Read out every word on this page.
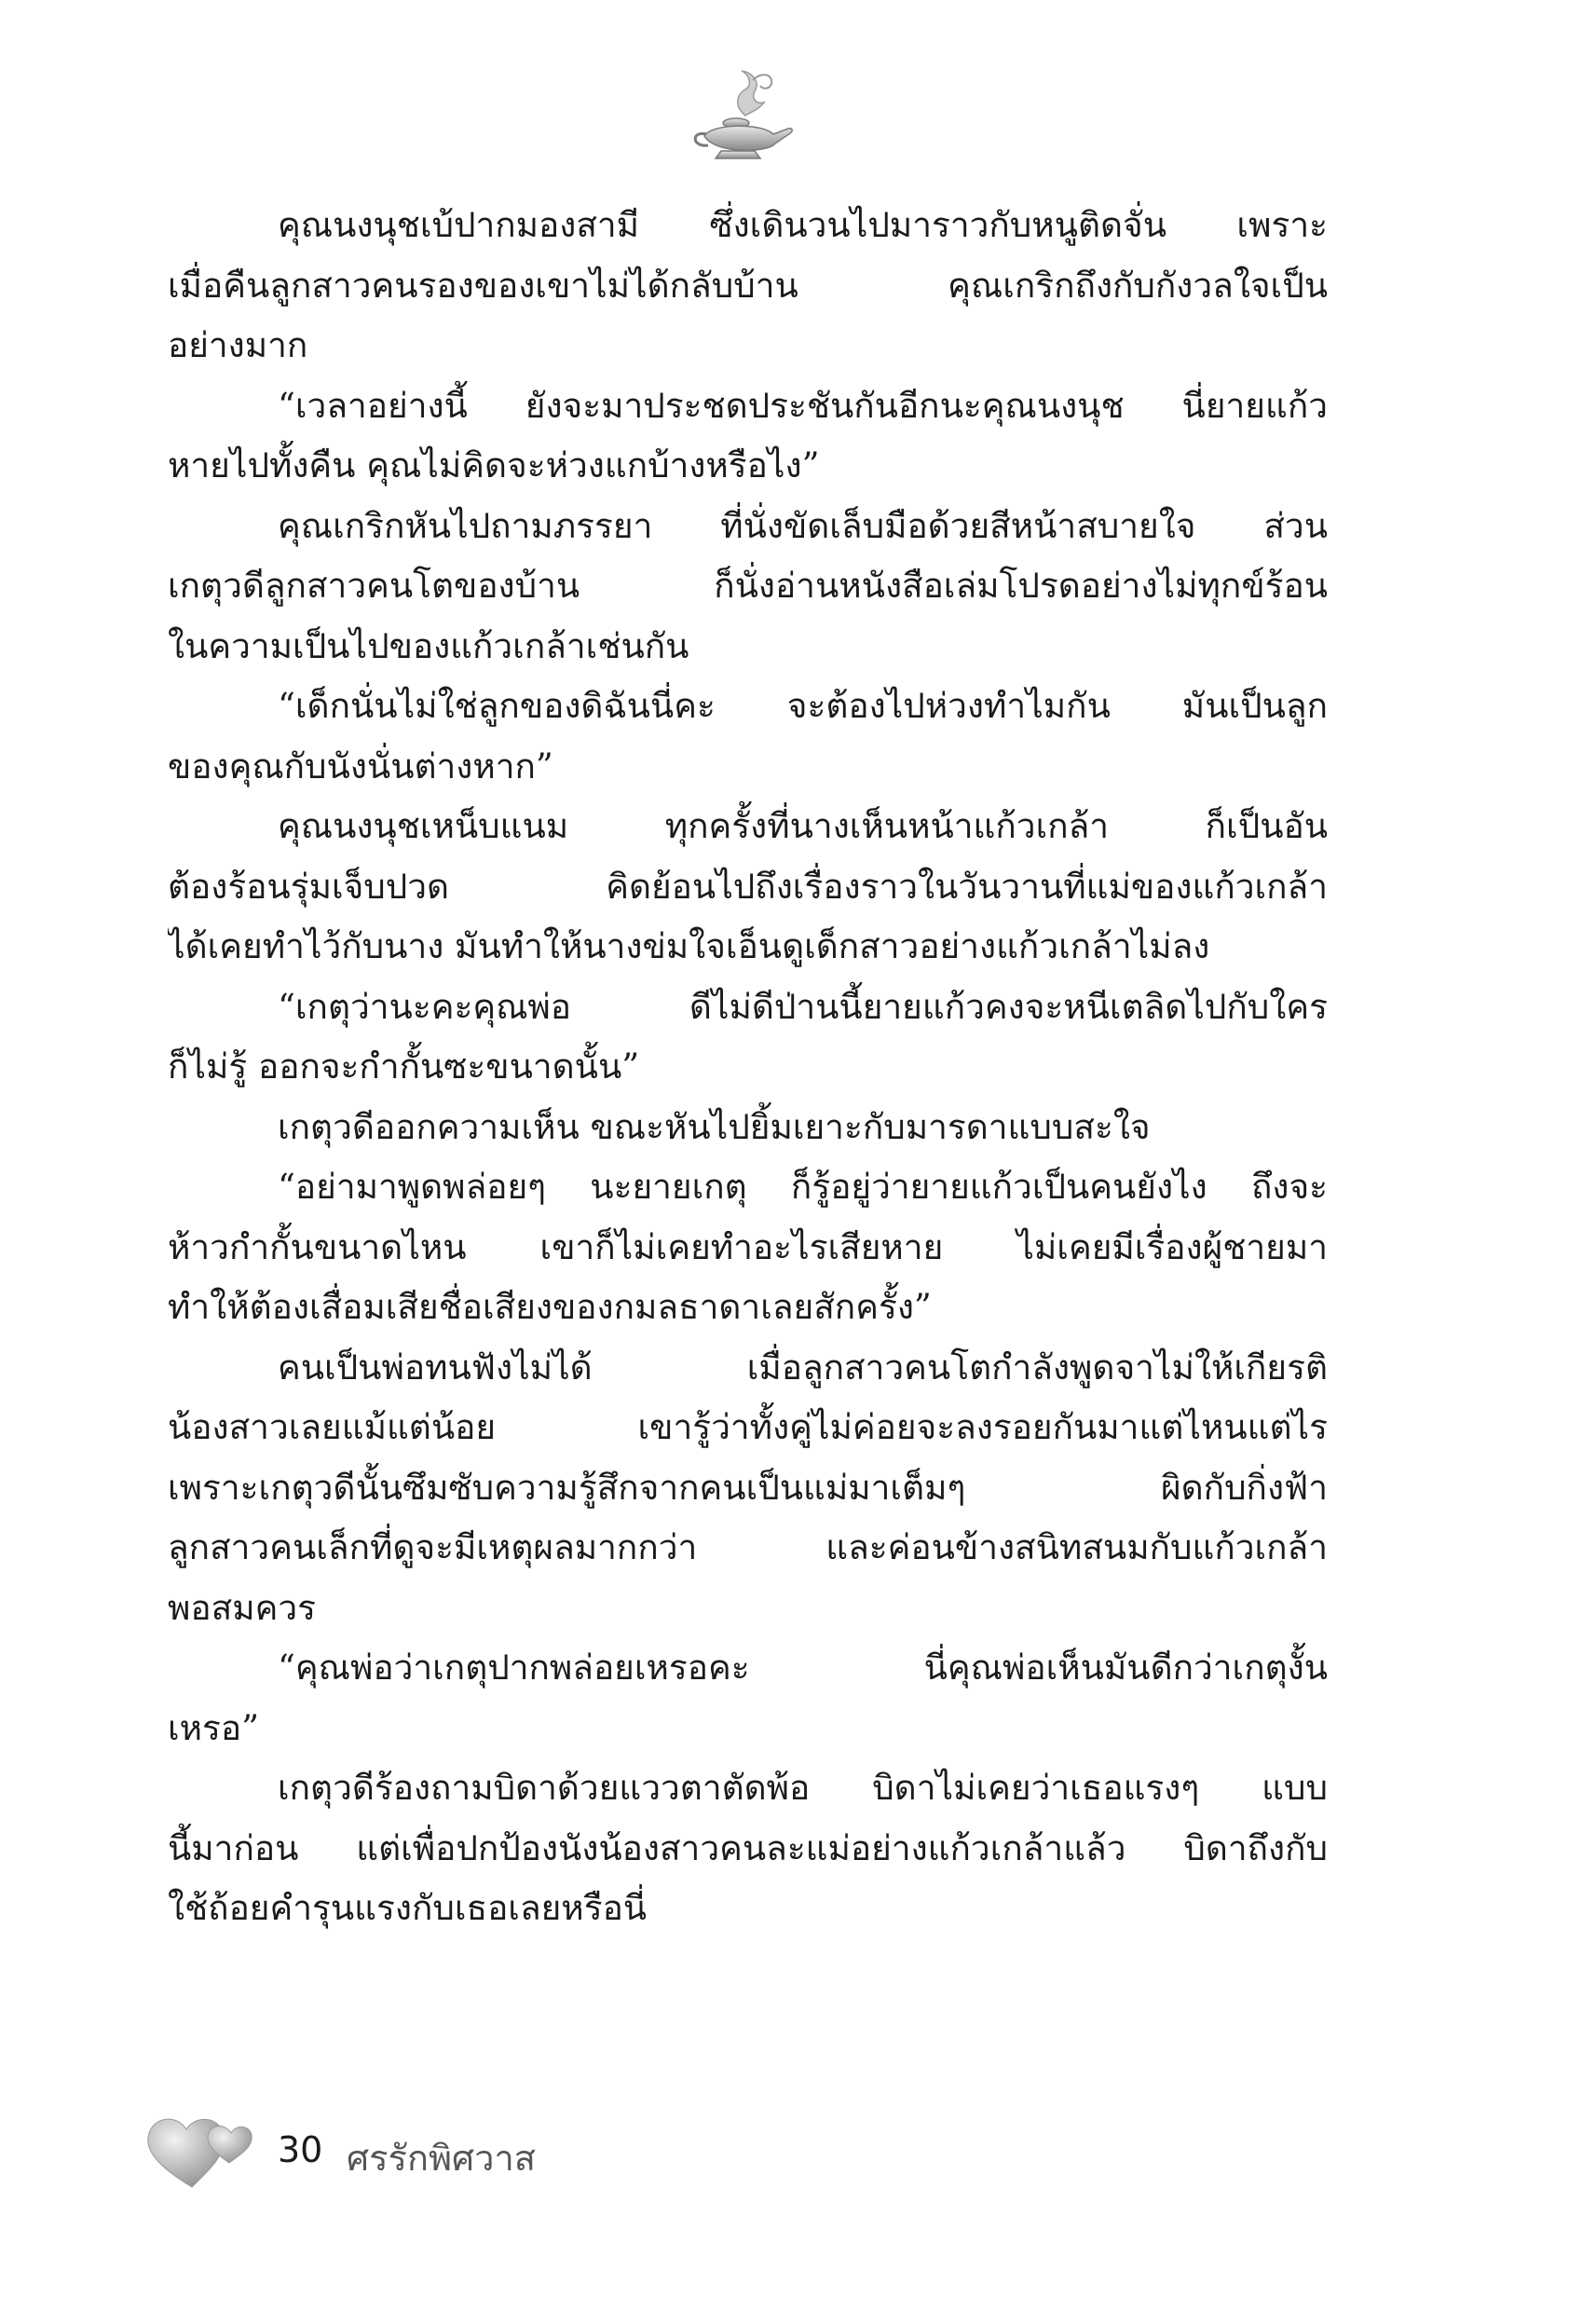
คุณนงนุชเบ้ปากมองสามี ซึ่งเดินวนไปมาราวกับหนูติดจั่น เพราะ
เมื่อคืนลูกสาวคนรองของเขาไม่ได้กลับบ้าน คุณเกริกถึงกับกังวลใจเป็น
อย่างมาก
“เวลาอย่างนี้ ยังจะมาประชดประชันกันอีกนะคุณนงนุช นี่ยายแก้ว
หายไปทั้งคืน คุณไม่คิดจะห่วงแกบ้างหรือไง”
คุณเกริกหันไปถามภรรยา ที่นั่งขัดเล็บมือด้วยสีหน้าสบายใจ ส่วน
เกตุวดีลูกสาวคนโตของบ้าน ก็นั่งอ่านหนังสือเล่มโปรดอย่างไม่ทุกข์ร้อน
ในความเป็นไปของแก้วเกล้าเช่นกัน
“เด็กนั่นไม่ใช่ลูกของดิฉันนี่คะ จะต้องไปห่วงทำไมกัน มันเป็นลูก
ของคุณกับนังนั่นต่างหาก”
คุณนงนุชเหน็บแนม ทุกครั้งที่นางเห็นหน้าแก้วเกล้า ก็เป็นอัน
ต้องร้อนรุ่มเจ็บปวด คิดย้อนไปถึงเรื่องราวในวันวานที่แม่ของแก้วเกล้า
ได้เคยทำไว้กับนาง มันทำให้นางข่มใจเอ็นดูเด็กสาวอย่างแก้วเกล้าไม่ลง
“เกตุว่านะคะคุณพ่อ ดีไม่ดีป่านนี้ยายแก้วคงจะหนีเตลิดไปกับใคร
ก็ไม่รู้ ออกจะกำกั้นซะขนาดนั้น”
เกตุวดีออกความเห็น ขณะหันไปยิ้มเยาะกับมารดาแบบสะใจ
“อย่ามาพูดพล่อยๆ นะยายเกตุ ก็รู้อยู่ว่ายายแก้วเป็นคนยังไง ถึงจะ
ห้าวกำกั้นขนาดไหน เขาก็ไม่เคยทำอะไรเสียหาย ไม่เคยมีเรื่องผู้ชายมา
ทำให้ต้องเสื่อมเสียชื่อเสียงของกมลธาดาเลยสักครั้ง”
คนเป็นพ่อทนฟังไม่ได้ เมื่อลูกสาวคนโตกำลังพูดจาไม่ให้เกียรติ
น้องสาวเลยแม้แต่น้อย เขารู้ว่าทั้งคู่ไม่ค่อยจะลงรอยกันมาแต่ไหนแต่ไร
เพราะเกตุวดีนั้นซึมซับความรู้สึกจากคนเป็นแม่มาเต็มๆ ผิดกับกิ่งฟ้า
ลูกสาวคนเล็กที่ดูจะมีเหตุผลมากกว่า และค่อนข้างสนิทสนมกับแก้วเกล้า
พอสมควร
“คุณพ่อว่าเกตุปากพล่อยเหรอคะ นี่คุณพ่อเห็นมันดีกว่าเกตุงั้น
เหรอ”
เกตุวดีร้องถามบิดาด้วยแววตาตัดพ้อ บิดาไม่เคยว่าเธอแรงๆ แบบ
นี้มาก่อน แต่เพื่อปกป้องนังน้องสาวคนละแม่อย่างแก้วเกล้าแล้ว บิดาถึงกับ
ใช้ถ้อยคำรุนแรงกับเธอเลยหรือนี่
30 ศรรักพิศวาส
